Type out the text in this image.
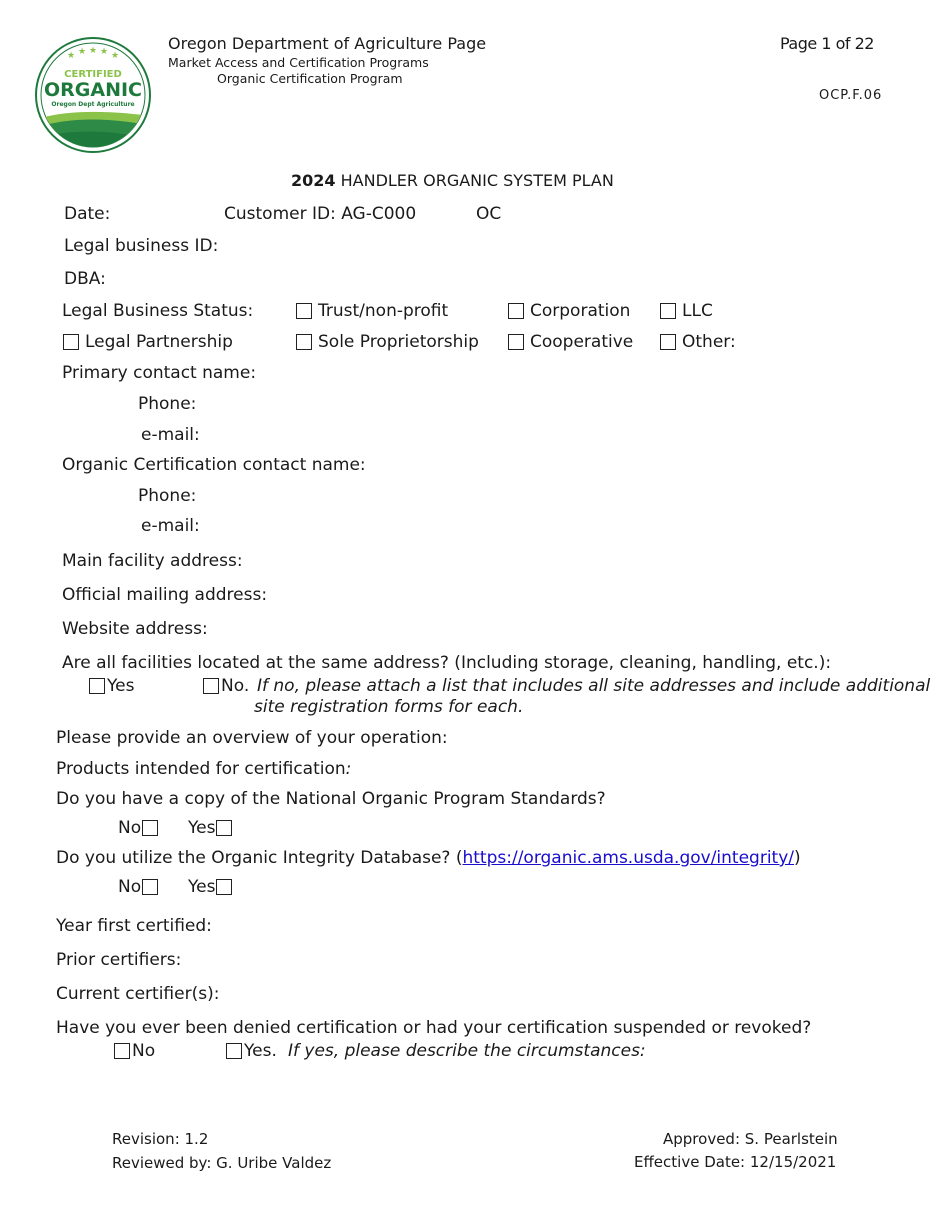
★ ★ ★ ★ ★
CERTIFIED
ORGANIC
Oregon Dept Agriculture
Oregon Department of Agriculture Page
Market Access and Certification Programs
Organic Certification Program
Page 1 of 22
OCP.F.06
2024 HANDLER ORGANIC SYSTEM PLAN
Date:	Customer ID: AG-C000	OC
Legal business ID:
DBA:
Legal Business Status:	Trust/non-profit	Corporation	LLC
Legal Partnership	Sole Proprietorship	Cooperative	Other:
Primary contact name:
Phone:
e-mail:
Organic Certification contact name:
Phone:
e-mail:
Main facility address:
Official mailing address:
Website address:
Are all facilities located at the same address? (Including storage, cleaning, handling, etc.):
Yes	No. If no, please attach a list that includes all site addresses and include additional
site registration forms for each.
Please provide an overview of your operation:
Products intended for certification:
Do you have a copy of the National Organic Program Standards?
No	Yes
Do you utilize the Organic Integrity Database? (https://organic.ams.usda.gov/integrity/)
No	Yes
Year first certified:
Prior certifiers:
Current certifier(s):
Have you ever been denied certification or had your certification suspended or revoked?
No	Yes. If yes, please describe the circumstances:
Revision: 1.2
Reviewed by: G. Uribe Valdez
Approved: S. Pearlstein
Effective Date: 12/15/2021
